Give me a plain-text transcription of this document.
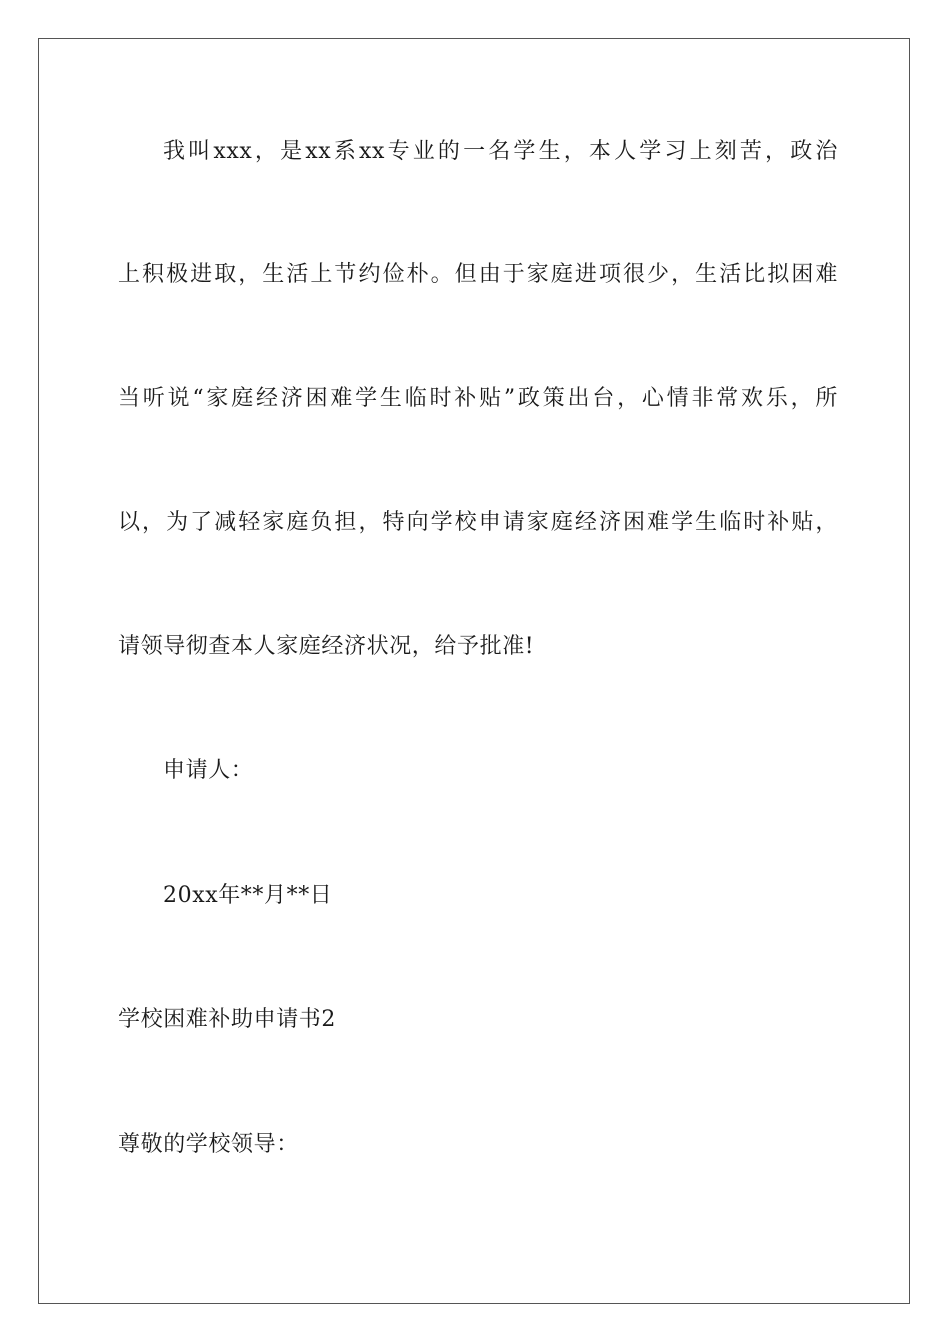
我叫xxx，是xx系xx专业的一名学生，本人学习上刻苦，政治
上积极进取，生活上节约俭朴。但由于家庭进项很少，生活比拟困难
当听说“家庭经济困难学生临时补贴”政策出台，心情非常欢乐，所
以，为了减轻家庭负担，特向学校申请家庭经济困难学生临时补贴，
请领导彻查本人家庭经济状况，给予批准!
申请人：
20xx年**月**日
学校困难补助申请书2
尊敬的学校领导：
